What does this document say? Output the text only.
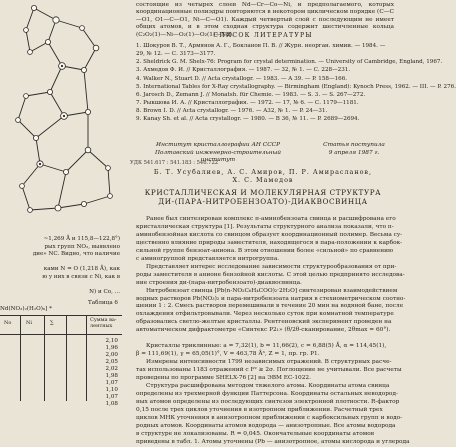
~1,269 Å и 115,8—122,8°)
рых групп NO₂, выявлено
дие» NC. Видно, что наличие

ками N = O (1,218 Å), как
ю у них в связи с Ni, как в

N) и Co, ...
Таблица 6
Nd(NO₃)₂(H₂O)₆] *
No	Ni	∑	Сумма ва-
лентных
2,10
1,96
2,00
2,05
2,02
1,98
1,07
1,10
1,07
1,08
состоящие из четырех слоев Nd—Cr—Co—Ni, и предполагаемого, которых координационные полиэдры повторяются в некотором циклическом порядке (С—С—O1, O1—C—O1, Ni—C—O1). Каждый четвертый слой с последующим не имеет общих атомов, и в этом сходная структура содержит шестичленные кольца (C₂O₂(1)—Ni—O₂(1)—O₂(1)—Nd).
СПИСОК ЛИТЕРАТУРЫ
1. Шокуров В. Т., Армянов А. Г., Бокланов П. В. // Журн. неорган. химии. — 1984. —
29, № 12. — С. 3173—3177.
2. Sheldrick G. M. Shelx-76: Program for crystal determination. — University of Cambridge, England, 1967.
3. Ахмедов Ф. И. // Кристаллография. — 1987. — 32, № 1. — С. 228—231.
4. Walker N., Stuart D. // Acta crystallogr. — 1983. — A 39. — P. 158—166.
5. International Tables for X-Ray crystallography. — Birmingham (England): Kynoch Press, 1962. — III. — P. 276.
6. Jarosch D., Zemann J. // Monatsh. für Chemie. — 1983. — S. 3. — S. 267—272.
7. Рыкшова И. А. // Кристаллография. — 1972. — 17, № 6. — С. 1179—1181.
8. Brown I. D. // Acta crystallogr. — 1976. — A32, № 1. — P. 24—31.
9. Kanay Sh. et al. // Acta crystallogr. — 1980. — B 36, № 11. — P. 2689—2694.
Институт кристаллографии АН СССР
Полтавский инженерно-строительный институт
Статья поступила
9 апреля 1987 г.
УДК 541.617 : 541.183 : 546.722
Б. Т. Усубалиев, А. С. Амиров, П. Р. Амирасланов,
Х. С. Мамедов
КРИСТАЛЛИЧЕСКАЯ И МОЛЕКУЛЯРНАЯ СТРУКТУРА
ДИ-(ПАРА-НИТРОБЕНЗОАТО)-ДИАКВОСВИНЦА
Ранее был синтезирован комплекс п-аминобензоата свинца и расшифрована его
кристаллическая структура [1]. Результаты структурного анализа показали, что п-
аминобензойная кислота со свинцом образует координационный полимер. Весьма су-
щественно влияние природы заместителя, находящегося в пара-положении к карбок-
сильной группе бензоат-аниона. В этом отношении более «сильной» по сравнению
с аминогруппой представляется нитрогруппа.
Представляет интерес исследование зависимости структурообразования от при-
роды заместителя в анионе бензойной кислоты. С этой целью предпринято исследова-
ние строения ди-(пара-нитробензоато)-диаквосвинца.
Нитробензоат свинца [Pb(n-NO₂C₆H₄COO)₂·2H₂O] синтезирован взаимодействием
водных растворов Pb(NO₃)₂ и пара-нитробензоата натрия в стехиометрическом соотно-
шении 1 : 2. Смесь растворов перемешивали в течение 20 мин на водяной бане, после
охлаждения отфильтровывали. Через несколько суток при комнатной температуре
образовались светло-желтые кристаллы. Рентгеновский эксперимент проведен на
автоматическом дифрактометре «Синтекс P2₁» (θ/2θ-сканирование, 2θmax = 60°).

Кристаллы триклинные: a = 7,32(1), b = 11,66(2), c = 6,88(5) Å, α = 114,45(1),
β = 111,69(1), γ = 65,05(1)°, V = 463,78 Å³, Z = 1, пр. гр. P1.
Измерены интенсивности 1799 независимых отражений. В структурных расче-
тах использованы 1183 отражений с F² ≥ 2σ. Поглощение не учитывали. Все расчеты
проведены по программе SHELX-76 [2] на ЭВМ ЕС-1022.
Структура расшифрована методом тяжелого атома. Координаты атома свинца
определены из трехмерной функции Паттерсона. Координаты остальных неводород-
ных атомов определены из последующих синтезов электронной плотности. R-фактор
0,15 после трех циклов уточнения в изотропном приближении. Расчетный трех
циклов МНК уточнения в анизотропном приближении с карбоксильных групп и водо-
родных атомов. Координаты атомов водорода — анизотропные. Все атомы водорода
в структуре не локализованы. R = 0,045. Окончательные координаты атомов
приведены в табл. 1. Атомы уточнены (Pb — анизотропное, атомы кислорода и углерода
